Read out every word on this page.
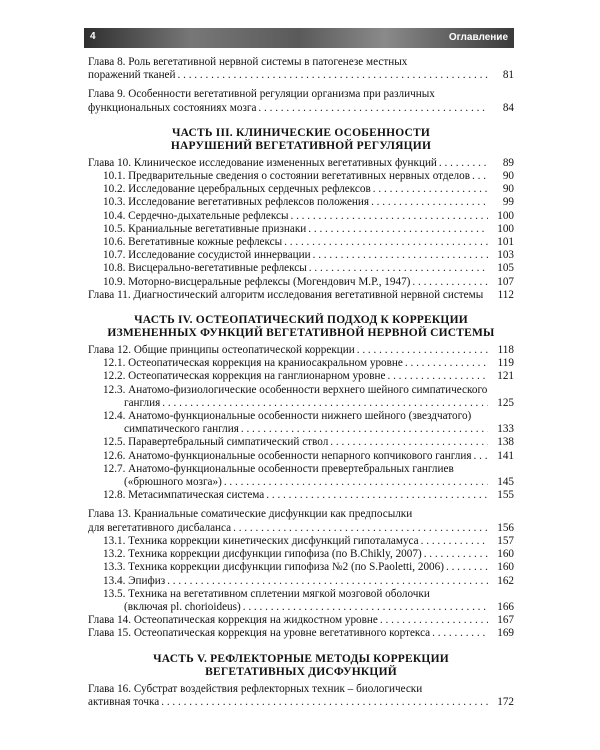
4	Оглавление
Глава 8. Роль вегетативной нервной системы в патогенезе местных
поражений тканей . . .	81
Глава 9. Особенности вегетативной регуляции организма при различных
функциональных состояниях мозга . . .	84
ЧАСТЬ III. КЛИНИЧЕСКИЕ ОСОБЕННОСТИ
НАРУШЕНИЙ ВЕГЕТАТИВНОЙ РЕГУЛЯЦИИ
Глава 10. Клиническое исследование измененных вегетативных функций . . .	89
10.1. Предварительные сведения о состоянии вегетативных нервных отделов . . .	90
10.2. Исследование церебральных сердечных рефлексов . . .	90
10.3. Исследование вегетативных рефлексов положения . . .	99
10.4. Сердечно-дыхательные рефлексы . . .	100
10.5. Краниальные вегетативные признаки . . .	100
10.6. Вегетативные кожные рефлексы . . .	101
10.7. Исследование сосудистой иннервации . . .	103
10.8. Висцерально-вегетативные рефлексы . . .	105
10.9. Моторно-висцеральные рефлексы (Могендович М.Р., 1947) . . .	107
Глава 11. Диагностический алгоритм исследования вегетативной нервной системы	112
ЧАСТЬ IV. ОСТЕОПАТИЧЕСКИЙ ПОДХОД К КОРРЕКЦИИ
ИЗМЕНЕННЫХ ФУНКЦИЙ ВЕГЕТАТИВНОЙ НЕРВНОЙ СИСТЕМЫ
Глава 12. Общие принципы остеопатической коррекции . . .	118
12.1. Остеопатическая коррекция на краниосакральном уровне . . .	119
12.2. Остеопатическая коррекция на ганглионарном уровне . . .	121
12.3. Анатомо-физиологические особенности верхнего шейного симпатического
ганглия . . .	125
12.4. Анатомо-функциональные особенности нижнего шейного (звездчатого)
симпатического ганглия . . .	133
12.5. Паравертебральный симпатический ствол . . .	138
12.6. Анатомо-функциональные особенности непарного копчикового ганглия . . .	141
12.7. Анатомо-функциональные особенности превертебральных ганглиев
(«брюшного мозга») . . .	145
12.8. Метасимпатическая система . . .	155
Глава 13. Краниальные соматические дисфункции как предпосылки
для вегетативного дисбаланса . . .	156
13.1. Техника коррекции кинетических дисфункций гипоталамуса . . .	157
13.2. Техника коррекции дисфункции гипофиза (по B.Chikly, 2007) . . .	160
13.3. Техника коррекции дисфункции гипофиза №2 (по S.Paoletti, 2006) . . .	160
13.4. Эпифиз . . .	162
13.5. Техника на вегетативном сплетении мягкой мозговой оболочки
(включая pl. chorioideus) . . .	166
Глава 14. Остеопатическая коррекция на жидкостном уровне . . .	167
Глава 15. Остеопатическая коррекция на уровне вегетативного кортекса . . .	169
ЧАСТЬ V. РЕФЛЕКТОРНЫЕ МЕТОДЫ КОРРЕКЦИИ
ВЕГЕТАТИВНЫХ ДИСФУНКЦИЙ
Глава 16. Субстрат воздействия рефлекторных техник – биологически
активная точка . . .	172
